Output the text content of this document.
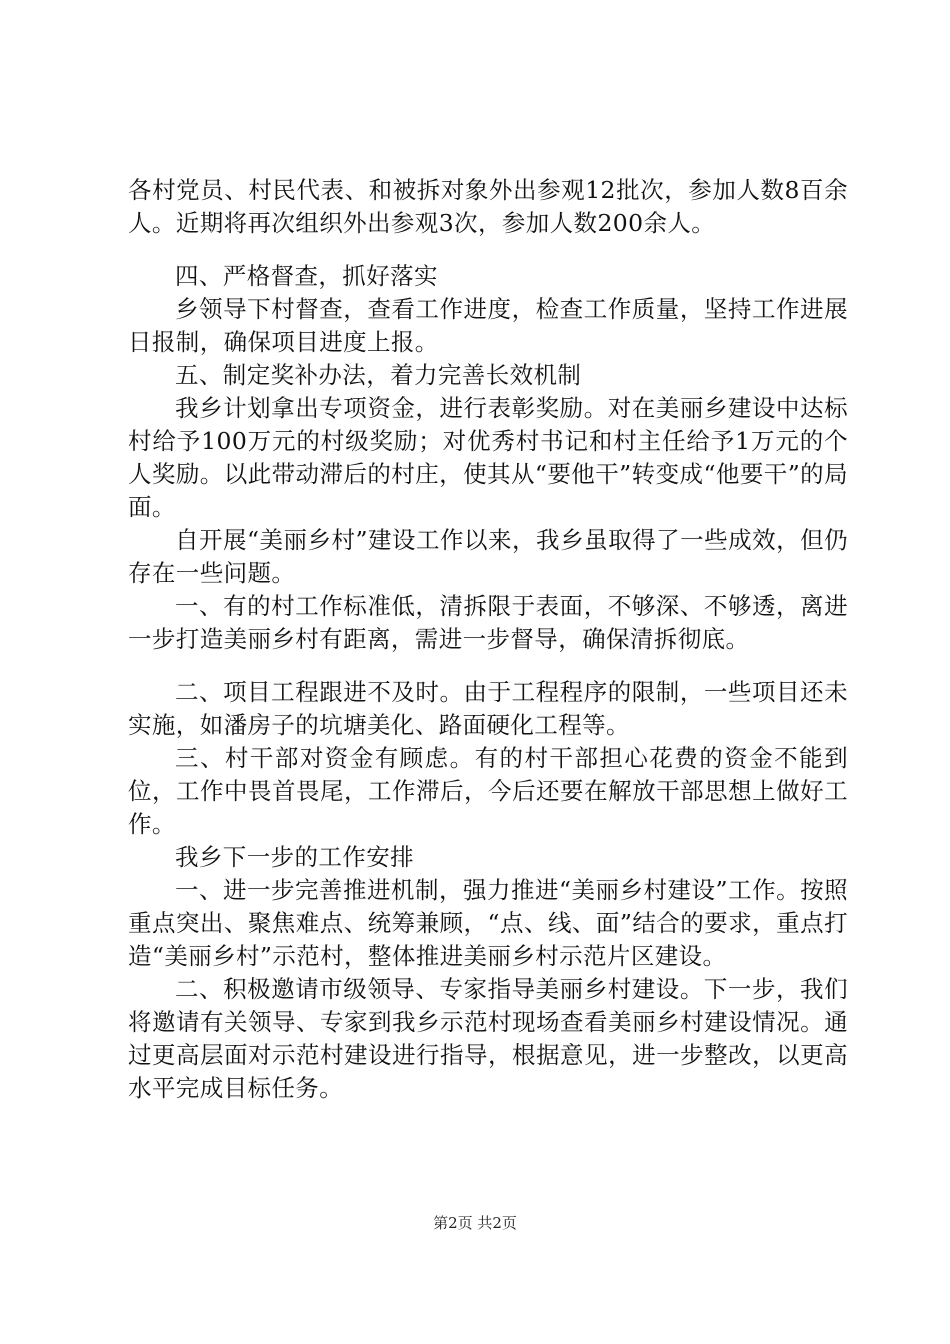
各村党员、村民代表、和被拆对象外出参观12批次，参加人数8百余人。近期将再次组织外出参观3次，参加人数200余人。

四、严格督查，抓好落实

乡领导下村督查，查看工作进度，检查工作质量，坚持工作进展日报制，确保项目进度上报。

五、制定奖补办法，着力完善长效机制

我乡计划拿出专项资金，进行表彰奖励。对在美丽乡建设中达标村给予100万元的村级奖励；对优秀村书记和村主任给予1万元的个人奖励。以此带动滞后的村庄，使其从“要他干”转变成“他要干”的局面。

自开展“美丽乡村”建设工作以来，我乡虽取得了一些成效，但仍存在一些问题。

一、有的村工作标准低，清拆限于表面，不够深、不够透，离进一步打造美丽乡村有距离，需进一步督导，确保清拆彻底。

二、项目工程跟进不及时。由于工程程序的限制，一些项目还未实施，如潘房子的坑塘美化、路面硬化工程等。

三、村干部对资金有顾虑。有的村干部担心花费的资金不能到位，工作中畏首畏尾，工作滞后，今后还要在解放干部思想上做好工作。

我乡下一步的工作安排

一、进一步完善推进机制，强力推进“美丽乡村建设”工作。按照重点突出、聚焦难点、统筹兼顾，“点、线、面”结合的要求，重点打造“美丽乡村”示范村，整体推进美丽乡村示范片区建设。

二、积极邀请市级领导、专家指导美丽乡村建设。下一步，我们将邀请有关领导、专家到我乡示范村现场查看美丽乡村建设情况。通过更高层面对示范村建设进行指导，根据意见，进一步整改，以更高水平完成目标任务。

第2页 共2页
